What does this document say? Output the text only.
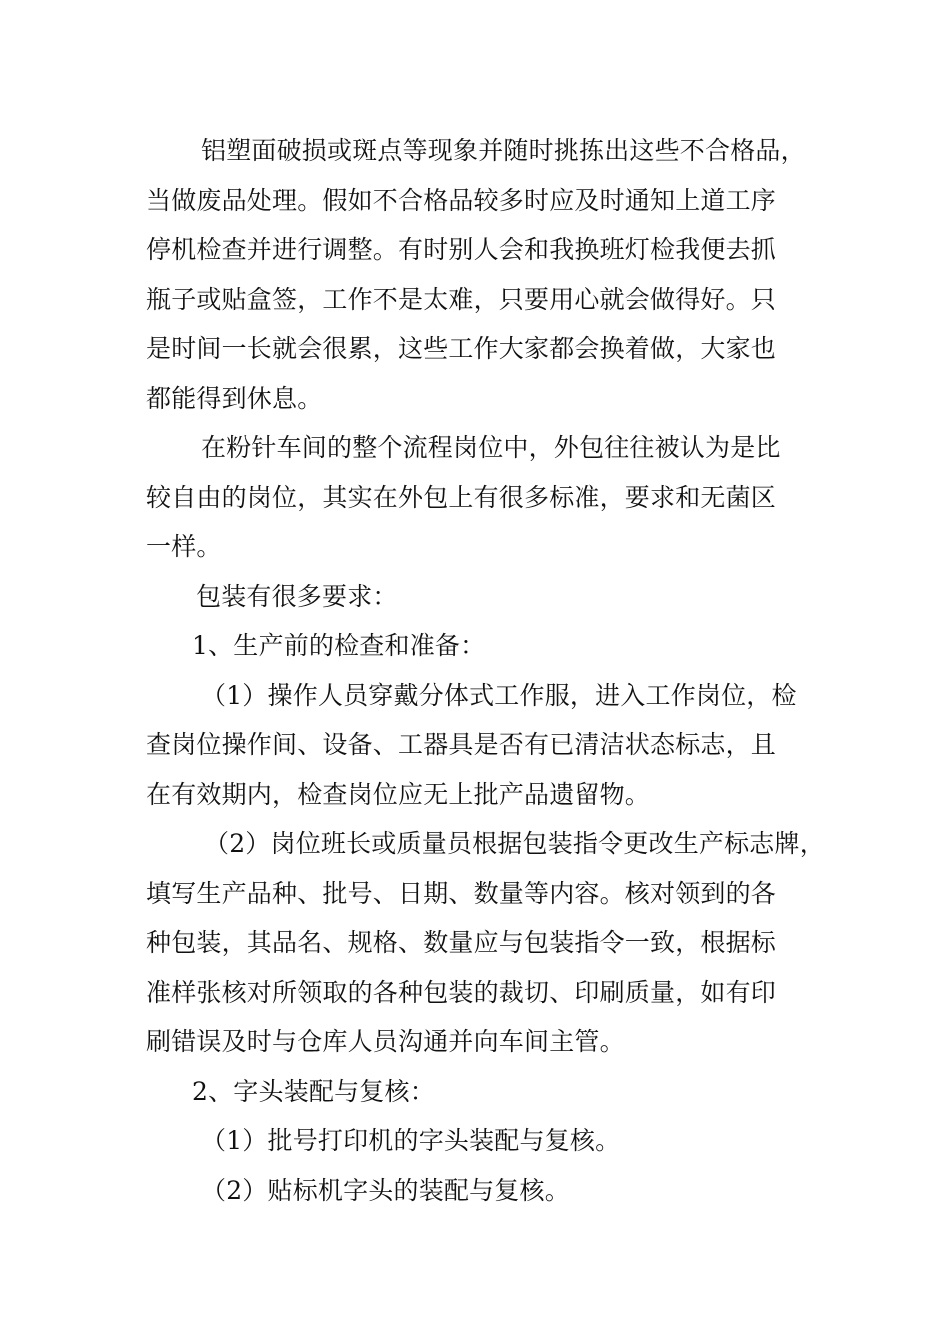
铝塑面破损或斑点等现象并随时挑拣出这些不合格品，
当做废品处理。假如不合格品较多时应及时通知上道工序
停机检查并进行调整。有时别人会和我换班灯检我便去抓
瓶子或贴盒签，工作不是太难，只要用心就会做得好。只
是时间一长就会很累，这些工作大家都会换着做，大家也
都能得到休息。
在粉针车间的整个流程岗位中，外包往往被认为是比
较自由的岗位，其实在外包上有很多标准，要求和无菌区
一样。
包装有很多要求：
1、生产前的检查和准备：
（1）操作人员穿戴分体式工作服，进入工作岗位，检
查岗位操作间、设备、工器具是否有已清洁状态标志，且
在有效期内，检查岗位应无上批产品遗留物。
（2）岗位班长或质量员根据包装指令更改生产标志牌，
填写生产品种、批号、日期、数量等内容。核对领到的各
种包装，其品名、规格、数量应与包装指令一致，根据标
准样张核对所领取的各种包装的裁切、印刷质量，如有印
刷错误及时与仓库人员沟通并向车间主管。
2、字头装配与复核：
（1）批号打印机的字头装配与复核。
（2）贴标机字头的装配与复核。
